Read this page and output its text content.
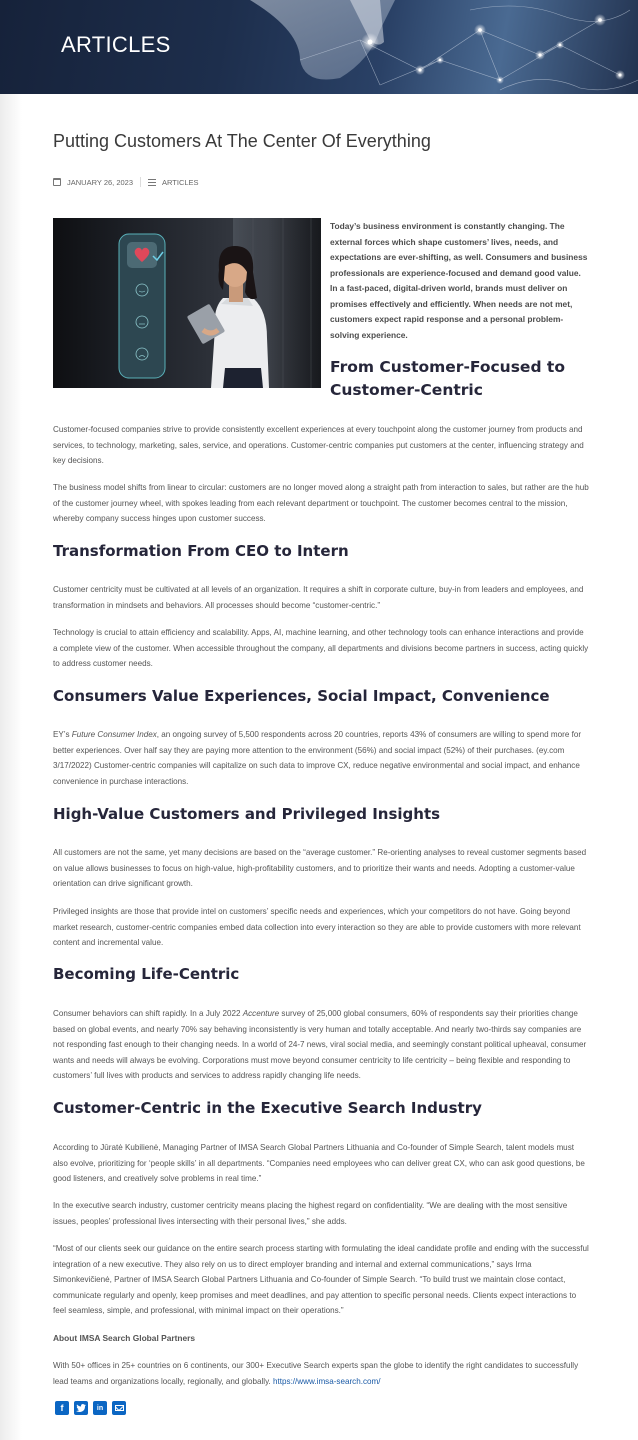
ARTICLES
Putting Customers At The Center Of Everything
JANUARY 26, 2023	ARTICLES

Today’s business environment is constantly changing. The external forces which shape customers’ lives, needs, and expectations are ever-shifting, as well. Consumers and business professionals are experience-focused and demand good value. In a fast-paced, digital-driven world, brands must deliver on promises effectively and efficiently. When needs are not met, customers expect rapid response and a personal problem-solving experience.

From Customer-Focused to Customer-Centric

Customer-focused companies strive to provide consistently excellent experiences at every touchpoint along the customer journey from products and services, to technology, marketing, sales, service, and operations. Customer-centric companies put customers at the center, influencing strategy and key decisions.

The business model shifts from linear to circular: customers are no longer moved along a straight path from interaction to sales, but rather are the hub of the customer journey wheel, with spokes leading from each relevant department or touchpoint. The customer becomes central to the mission, whereby company success hinges upon customer success.

Transformation From CEO to Intern

Customer centricity must be cultivated at all levels of an organization. It requires a shift in corporate culture, buy-in from leaders and employees, and transformation in mindsets and behaviors. All processes should become “customer-centric.”

Technology is crucial to attain efficiency and scalability. Apps, AI, machine learning, and other technology tools can enhance interactions and provide a complete view of the customer. When accessible throughout the company, all departments and divisions become partners in success, acting quickly to address customer needs.

Consumers Value Experiences, Social Impact, Convenience

EY’s Future Consumer Index, an ongoing survey of 5,500 respondents across 20 countries, reports 43% of consumers are willing to spend more for better experiences. Over half say they are paying more attention to the environment (56%) and social impact (52%) of their purchases. (ey.com 3/17/2022) Customer-centric companies will capitalize on such data to improve CX, reduce negative environmental and social impact, and enhance convenience in purchase interactions.

High-Value Customers and Privileged Insights

All customers are not the same, yet many decisions are based on the “average customer.” Re-orienting analyses to reveal customer segments based on value allows businesses to focus on high-value, high-profitability customers, and to prioritize their wants and needs. Adopting a customer-value orientation can drive significant growth.

Privileged insights are those that provide intel on customers’ specific needs and experiences, which your competitors do not have. Going beyond market research, customer-centric companies embed data collection into every interaction so they are able to provide customers with more relevant content and incremental value.

Becoming Life-Centric

Consumer behaviors can shift rapidly. In a July 2022 Accenture survey of 25,000 global consumers, 60% of respondents say their priorities change based on global events, and nearly 70% say behaving inconsistently is very human and totally acceptable. And nearly two-thirds say companies are not responding fast enough to their changing needs. In a world of 24-7 news, viral social media, and seemingly constant political upheaval, consumer wants and needs will always be evolving. Corporations must move beyond consumer centricity to life centricity – being flexible and responding to customers’ full lives with products and services to address rapidly changing life needs.

Customer-Centric in the Executive Search Industry

According to Jūratė Kubilienė, Managing Partner of IMSA Search Global Partners Lithuania and Co-founder of Simple Search, talent models must also evolve, prioritizing for ‘people skills’ in all departments. “Companies need employees who can deliver great CX, who can ask good questions, be good listeners, and creatively solve problems in real time.”

In the executive search industry, customer centricity means placing the highest regard on confidentiality. “We are dealing with the most sensitive issues, peoples’ professional lives intersecting with their personal lives,” she adds.

“Most of our clients seek our guidance on the entire search process starting with formulating the ideal candidate profile and ending with the successful integration of a new executive. They also rely on us to direct employer branding and internal and external communications,” says Irma Simonkevičienė, Partner of IMSA Search Global Partners Lithuania and Co-founder of Simple Search. “To build trust we maintain close contact, communicate regularly and openly, keep promises and meet deadlines, and pay attention to specific personal needs. Clients expect interactions to feel seamless, simple, and professional, with minimal impact on their operations.”

About IMSA Search Global Partners

With 50+ offices in 25+ countries on 6 continents, our 300+ Executive Search experts span the globe to identify the right candidates to successfully lead teams and organizations locally, regionally, and globally. https://www.imsa-search.com/

f	in
